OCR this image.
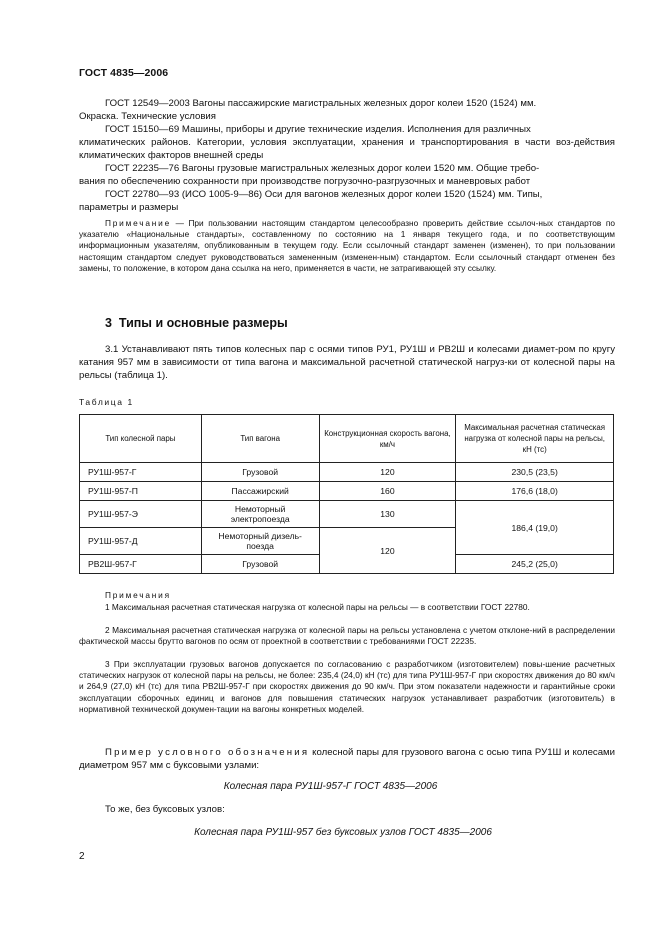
ГОСТ 4835—2006
ГОСТ 12549—2003 Вагоны пассажирские магистральных железных дорог колеи 1520 (1524) мм.
Окраска. Технические условия
ГОСТ 15150—69 Машины, приборы и другие технические изделия. Исполнения для различных
климатических районов. Категории, условия эксплуатации, хранения и транспортирования в части воз-действия климатических факторов внешней среды
ГОСТ 22235—76 Вагоны грузовые магистральных железных дорог колеи 1520 мм. Общие требо-
вания по обеспечению сохранности при производстве погрузочно-разгрузочных и маневровых работ
ГОСТ 22780—93 (ИСО 1005-9—86) Оси для вагонов железных дорог колеи 1520 (1524) мм. Типы,
параметры и размеры
Примечание — При пользовании настоящим стандартом целесообразно проверить действие ссылоч-ных стандартов по указателю «Национальные стандарты», составленному по состоянию на 1 января текущего года, и по соответствующим информационным указателям, опубликованным в текущем году. Если ссылочный стандарт заменен (изменен), то при пользовании настоящим стандартом следует руководствоваться замененным (изменен-ным) стандартом. Если ссылочный стандарт отменен без замены, то положение, в котором дана ссылка на него, применяется в части, не затрагивающей эту ссылку.
3 Типы и основные размеры
3.1 Устанавливают пять типов колесных пар с осями типов РУ1, РУ1Ш и РВ2Ш и колесами диамет-ром по кругу катания 957 мм в зависимости от типа вагона и максимальной расчетной статической нагруз-ки от колесной пары на рельсы (таблица 1).
Таблица 1
Тип колесной пары	Тип вагона	Конструкционная скорость вагона, км/ч	Максимальная расчетная статическая нагрузка от колесной пары на рельсы, кН (тс)
РУ1Ш-957-Г	Грузовой	120	230,5 (23,5)
РУ1Ш-957-П	Пассажирский	160	176,6 (18,0)
РУ1Ш-957-Э	Немоторный электропоезда	130	186,4 (19,0)
РУ1Ш-957-Д	Немоторный дизель-поезда	120	
РВ2Ш-957-Г	Грузовой		245,2 (25,0)
Примечания
1 Максимальная расчетная статическая нагрузка от колесной пары на рельсы — в соответствии ГОСТ 22780.
2 Максимальная расчетная статическая нагрузка от колесной пары на рельсы установлена с учетом отклоне-ний в распределении фактической массы брутто вагонов по осям от проектной в соответствии с требованиями ГОСТ 22235.
3 При эксплуатации грузовых вагонов допускается по согласованию с разработчиком (изготовителем) повы-шение расчетных статических нагрузок от колесной пары на рельсы, не более: 235,4 (24,0) кН (тс) для типа РУ1Ш-957-Г при скоростях движения до 80 км/ч и 264,9 (27,0) кН (тс) для типа РВ2Ш-957-Г при скоростях движения до 90 км/ч. При этом показатели надежности и гарантийные сроки эксплуатации сборочных единиц и вагонов для повышения статических нагрузок устанавливает разработчик (изготовитель) в нормативной технической докумен-тации на вагоны конкретных моделей.
Пример условного обозначения колесной пары для грузового вагона с осью типа РУ1Ш и колесами диаметром 957 мм с буксовыми узлами:
Колесная пара РУ1Ш-957-Г ГОСТ 4835—2006
То же, без буксовых узлов:
Колесная пара РУ1Ш-957 без буксовых узлов ГОСТ 4835—2006
2
